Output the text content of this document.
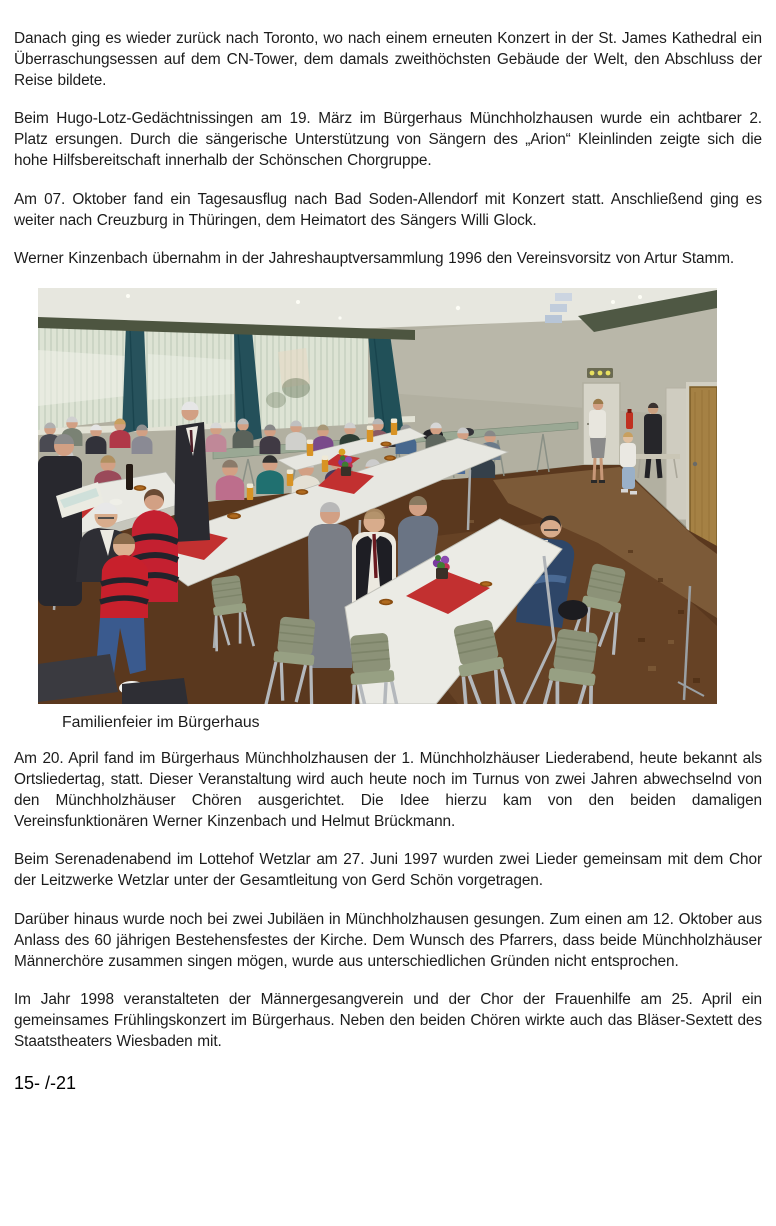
Danach ging es wieder zurück nach Toronto, wo nach einem erneuten Konzert in der St. James Kathedral ein Überraschungsessen auf dem CN-Tower, dem damals zweithöchsten Gebäude der Welt, den Abschluss der Reise bildete.

Beim Hugo-Lotz-Gedächtnissingen am 19. März im Bürgerhaus Münchholzhausen wurde ein achtbarer 2. Platz ersungen. Durch die sängerische Unterstützung von Sängern des „Arion“ Kleinlinden zeigte sich die hohe Hilfsbereitschaft innerhalb der Schönschen Chorgruppe.

Am 07. Oktober fand ein Tagesausflug nach Bad Soden-Allendorf mit Konzert statt. Anschließend ging es weiter nach Creuzburg in Thüringen, dem Heimatort des Sängers Willi Glock.

Werner Kinzenbach übernahm in der Jahreshauptversammlung 1996 den Vereinsvorsitz von Artur Stamm.

Familienfeier im Bürgerhaus

Am 20. April fand im Bürgerhaus Münchholzhausen der 1. Münchholzhäuser Liederabend, heute bekannt als Ortsliedertag, statt. Dieser Veranstaltung wird auch heute noch im Turnus von zwei Jahren abwechselnd von den Münchholzhäuser Chören ausgerichtet. Die Idee hierzu kam von den beiden damaligen Vereinsfunktionären Werner Kinzenbach und Helmut Brückmann.

Beim Serenadenabend im Lottehof Wetzlar am 27. Juni 1997 wurden zwei Lieder gemeinsam mit dem Chor der Leitzwerke Wetzlar unter der Gesamtleitung von Gerd Schön vorgetragen.

Darüber hinaus wurde noch bei zwei Jubiläen in Münchholzhausen gesungen. Zum einen am 12. Oktober aus Anlass des 60 jährigen Bestehensfestes der Kirche. Dem Wunsch des Pfarrers, dass beide Münchholzhäuser Männerchöre zusammen singen mögen, wurde aus unterschiedlichen Gründen nicht entsprochen.

Im Jahr 1998 veranstalteten der Männergesangverein und der Chor der Frauenhilfe am 25. April ein gemeinsames Frühlingskonzert im Bürgerhaus. Neben den beiden Chören wirkte auch das Bläser-Sextett des Staatstheaters Wiesbaden mit.

15- /-21
